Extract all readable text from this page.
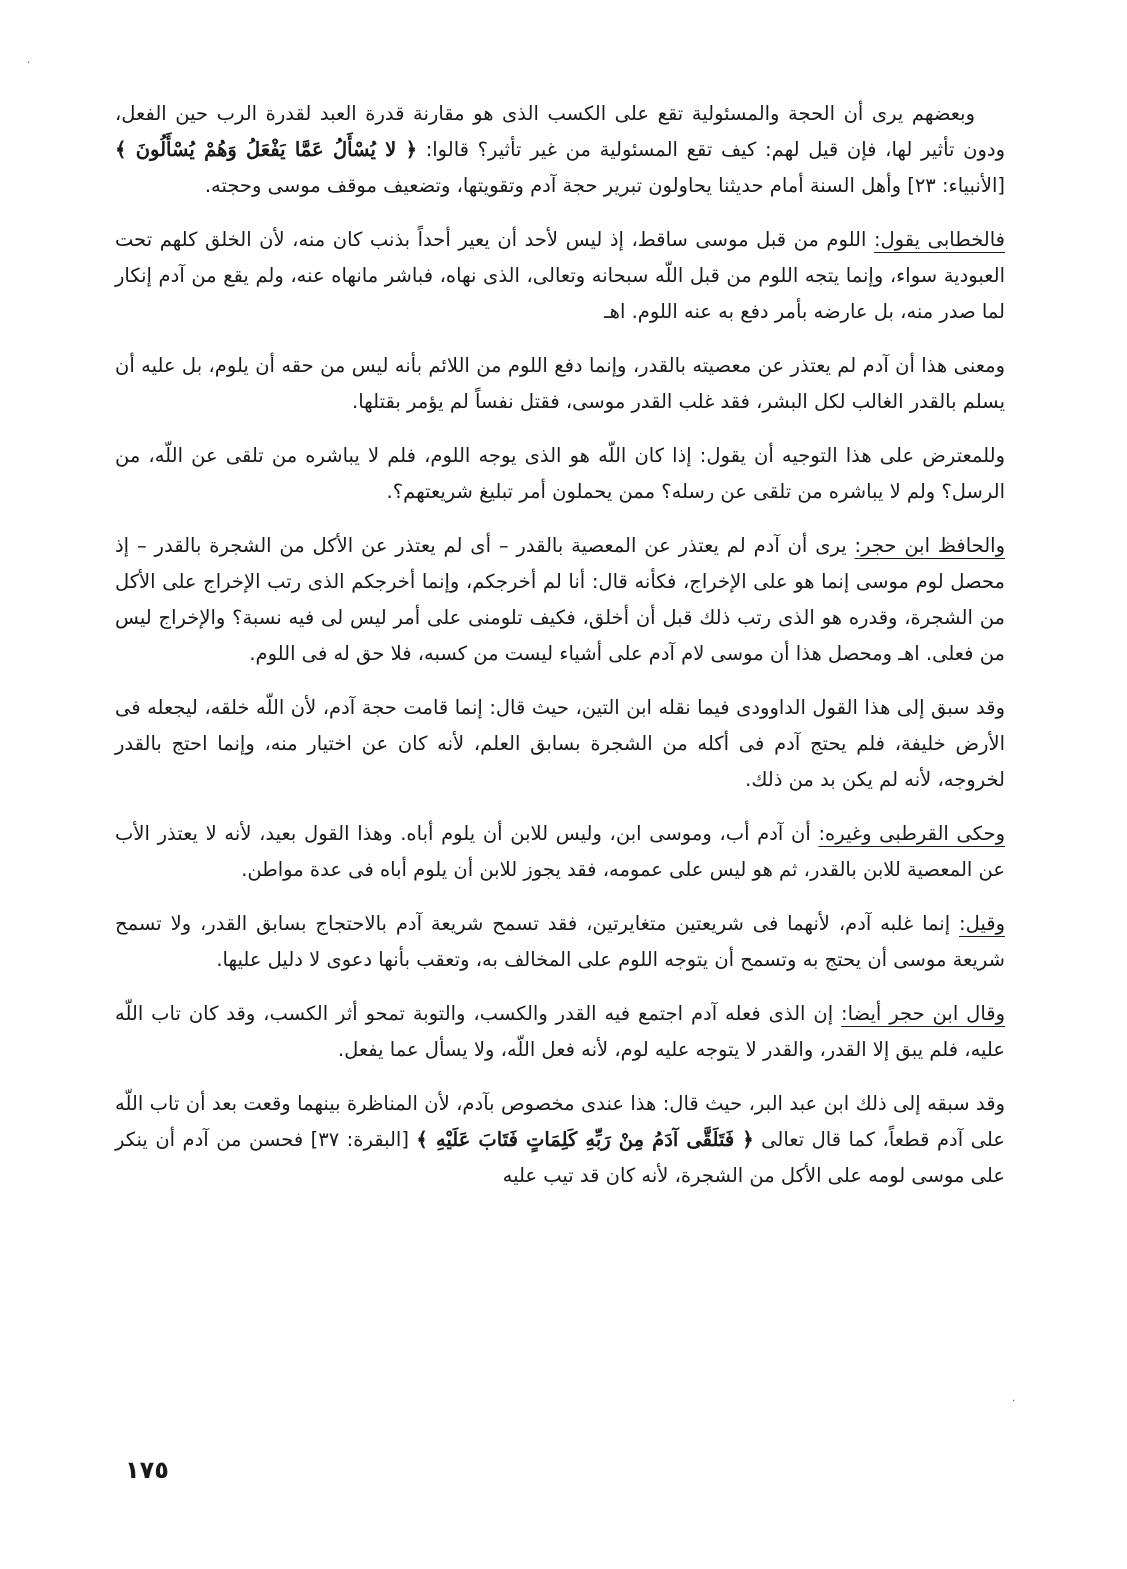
·
·

وبعضهم يرى أن الحجة والمسئولية تقع على الكسب الذى هو مقارنة قدرة العبد لقدرة الرب حين الفعل، ودون تأثير لها، فإن قيل لهم: كيف تقع المسئولية من غير تأثير؟ قالوا: ﴿ لا يُسْأَلُ عَمَّا يَفْعَلُ وَهُمْ يُسْأَلُونَ ﴾ [الأنبياء: ٢٣] وأهل السنة أمام حديثنا يحاولون تبرير حجة آدم وتقويتها، وتضعيف موقف موسى وحجته.

فالخطابى يقول: اللوم من قبل موسى ساقط، إذ ليس لأحد أن يعير أحداً بذنب كان منه، لأن الخلق كلهم تحت العبودية سواء، وإنما يتجه اللوم من قبل اللّه سبحانه وتعالى، الذى نهاه، فباشر مانهاه عنه، ولم يقع من آدم إنكار لما صدر منه، بل عارضه بأمر دفع به عنه اللوم. اهـ

ومعنى هذا أن آدم لم يعتذر عن معصيته بالقدر، وإنما دفع اللوم من اللائم بأنه ليس من حقه أن يلوم، بل عليه أن يسلم بالقدر الغالب لكل البشر، فقد غلب القدر موسى، فقتل نفساً لم يؤمر بقتلها.

وللمعترض على هذا التوجيه أن يقول: إذا كان اللّه هو الذى يوجه اللوم، فلم لا يباشره من تلقى عن اللّه، من الرسل؟ ولم لا يباشره من تلقى عن رسله؟ ممن يحملون أمر تبليغ شريعتهم؟.

والحافظ ابن حجر: يرى أن آدم لم يعتذر عن المعصية بالقدر – أى لم يعتذر عن الأكل من الشجرة بالقدر – إذ محصل لوم موسى إنما هو على الإخراج، فكأنه قال: أنا لم أخرجكم، وإنما أخرجكم الذى رتب الإخراج على الأكل من الشجرة، وقدره هو الذى رتب ذلك قبل أن أخلق، فكيف تلومنى على أمر ليس لى فيه نسبة؟ والإخراج ليس من فعلى. اهـ ومحصل هذا أن موسى لام آدم على أشياء ليست من كسبه، فلا حق له فى اللوم.

وقد سبق إلى هذا القول الداوودى فيما نقله ابن التين، حيث قال: إنما قامت حجة آدم، لأن اللّه خلقه، ليجعله فى الأرض خليفة، فلم يحتج آدم فى أكله من الشجرة بسابق العلم، لأنه كان عن اختيار منه، وإنما احتج بالقدر لخروجه، لأنه لم يكن بد من ذلك.

وحكى القرطبى وغيره: أن آدم أب، وموسى ابن، وليس للابن أن يلوم أباه. وهذا القول بعيد، لأنه لا يعتذر الأب عن المعصية للابن بالقدر، ثم هو ليس على عمومه، فقد يجوز للابن أن يلوم أباه فى عدة مواطن.

وقيل: إنما غلبه آدم، لأنهما فى شريعتين متغايرتين، فقد تسمح شريعة آدم بالاحتجاج بسابق القدر، ولا تسمح شريعة موسى أن يحتج به وتسمح أن يتوجه اللوم على المخالف به، وتعقب بأنها دعوى لا دليل عليها.

وقال ابن حجر أيضا: إن الذى فعله آدم اجتمع فيه القدر والكسب، والتوبة تمحو أثر الكسب، وقد كان تاب اللّه عليه، فلم يبق إلا القدر، والقدر لا يتوجه عليه لوم، لأنه فعل اللّه، ولا يسأل عما يفعل.

وقد سبقه إلى ذلك ابن عبد البر، حيث قال: هذا عندى مخصوص بآدم، لأن المناظرة بينهما وقعت بعد أن تاب اللّه على آدم قطعاً، كما قال تعالى ﴿ فَتَلَقَّى آدَمُ مِنْ رَبِّهِ كَلِمَاتٍ فَتَابَ عَلَيْهِ ﴾ [البقرة: ٣٧] فحسن من آدم أن ينكر على موسى لومه على الأكل من الشجرة، لأنه كان قد تيب عليه

١٧٥
